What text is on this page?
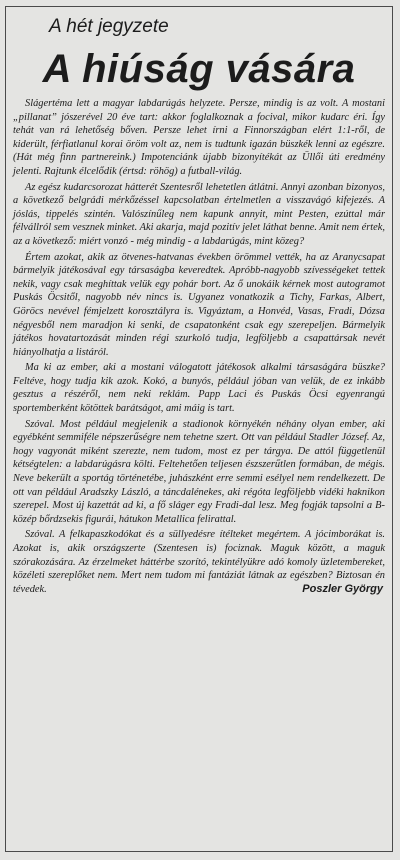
A hét jegyzete
A hiúság vására

Slágertéma lett a magyar labdarúgás helyzete. Persze, mindig is az volt. A mostani „pillanat” jószerével 20 éve tart: akkor foglalkoznak a focival, mikor kudarc éri. Így tehát van rá lehetőség bőven. Persze lehet írni a Finnországban elért 1:1-ről, de kiderült, férfiatlanul korai öröm volt az, nem is tudtunk igazán büszkék lenni az egészre. (Hát még finn partnereink.) Impotenciánk újabb bizonyítékát az Üllői úti eredmény jelenti. Rajtunk élcelődik (értsd: röhög) a futball-világ.

Az egész kudarcsorozat hátterét Szentesről lehetetlen átlátni. Annyi azonban bizonyos, a következő belgrádi mérkőzéssel kapcsolatban értelmetlen a visszavágó kifejezés. A jóslás, tippelés szintén. Valószínűleg nem kapunk annyit, mint Pesten, ezúttal már félvállról sem vesznek minket. Aki akarja, majd pozitív jelet láthat benne. Amit nem értek, az a következő: miért vonzó - még mindig - a labdarúgás, mint közeg?

Értem azokat, akik az ötvenes-hatvanas években örömmel vették, ha az Aranycsapat bármelyik játékosával egy társaságba keveredtek. Apróbb-nagyobb szívességeket tettek nekik, vagy csak meghíttak velük egy pohár bort. Az ő unokáik kérnek most autogramot Puskás Öcsitől, nagyobb név nincs is. Ugyanez vonatkozik a Tichy, Farkas, Albert, Göröcs nevével fémjelzett korosztályra is. Vigyáztam, a Honvéd, Vasas, Fradi, Dózsa négyesből nem maradjon ki senki, de csapatonként csak egy szerepeljen. Bármelyik játékos hovatartozását minden régi szurkoló tudja, legföljebb a csapattársak nevét hiányolhatja a listáról.

Ma ki az ember, aki a mostani válogatott játékosok alkalmi társaságára büszke? Feltéve, hogy tudja kik azok. Kokó, a bunyós, például jóban van velük, de ez inkább gesztus a részéről, nem neki reklám. Papp Laci és Puskás Öcsi egyenrangú sportemberként kötöttek barátságot, ami máig is tart.

Szóval. Most például megjelenik a stadionok környékén néhány olyan ember, aki egyébként semmiféle népszerűségre nem tehetne szert. Ott van például Stadler József. Az, hogy vagyonát miként szerezte, nem tudom, most ez per tárgya. De attól függetlenül kétségtelen: a labdarúgásra költi. Feltehetően teljesen észszerűtlen formában, de mégis. Neve bekerült a sportág történetébe, juhászként erre semmi esélyel nem rendelkezett. De ott van például Aradszky László, a táncdalénekes, aki régóta legföljebb vidéki haknikon szerepel. Most új kazettát ad ki, a fő sláger egy Fradi-dal lesz. Meg fogják tapsolni a B-közép bőrdzsekis figurái, hátukon Metallica felirattal.

Szóval. A felkapaszkodókat és a süllyedésre ítélteket megértem. A jócimborákat is. Azokat is, akik országszerte (Szentesen is) fociznak. Maguk között, a maguk szórakozására. Az érzelmeket háttérbe szorító, tekintélyükre adó komoly üzletembereket, közéleti szereplőket nem. Mert nem tudom mi fantáziát látnak az egészben? Biztosan én tévedek.	Poszler György
